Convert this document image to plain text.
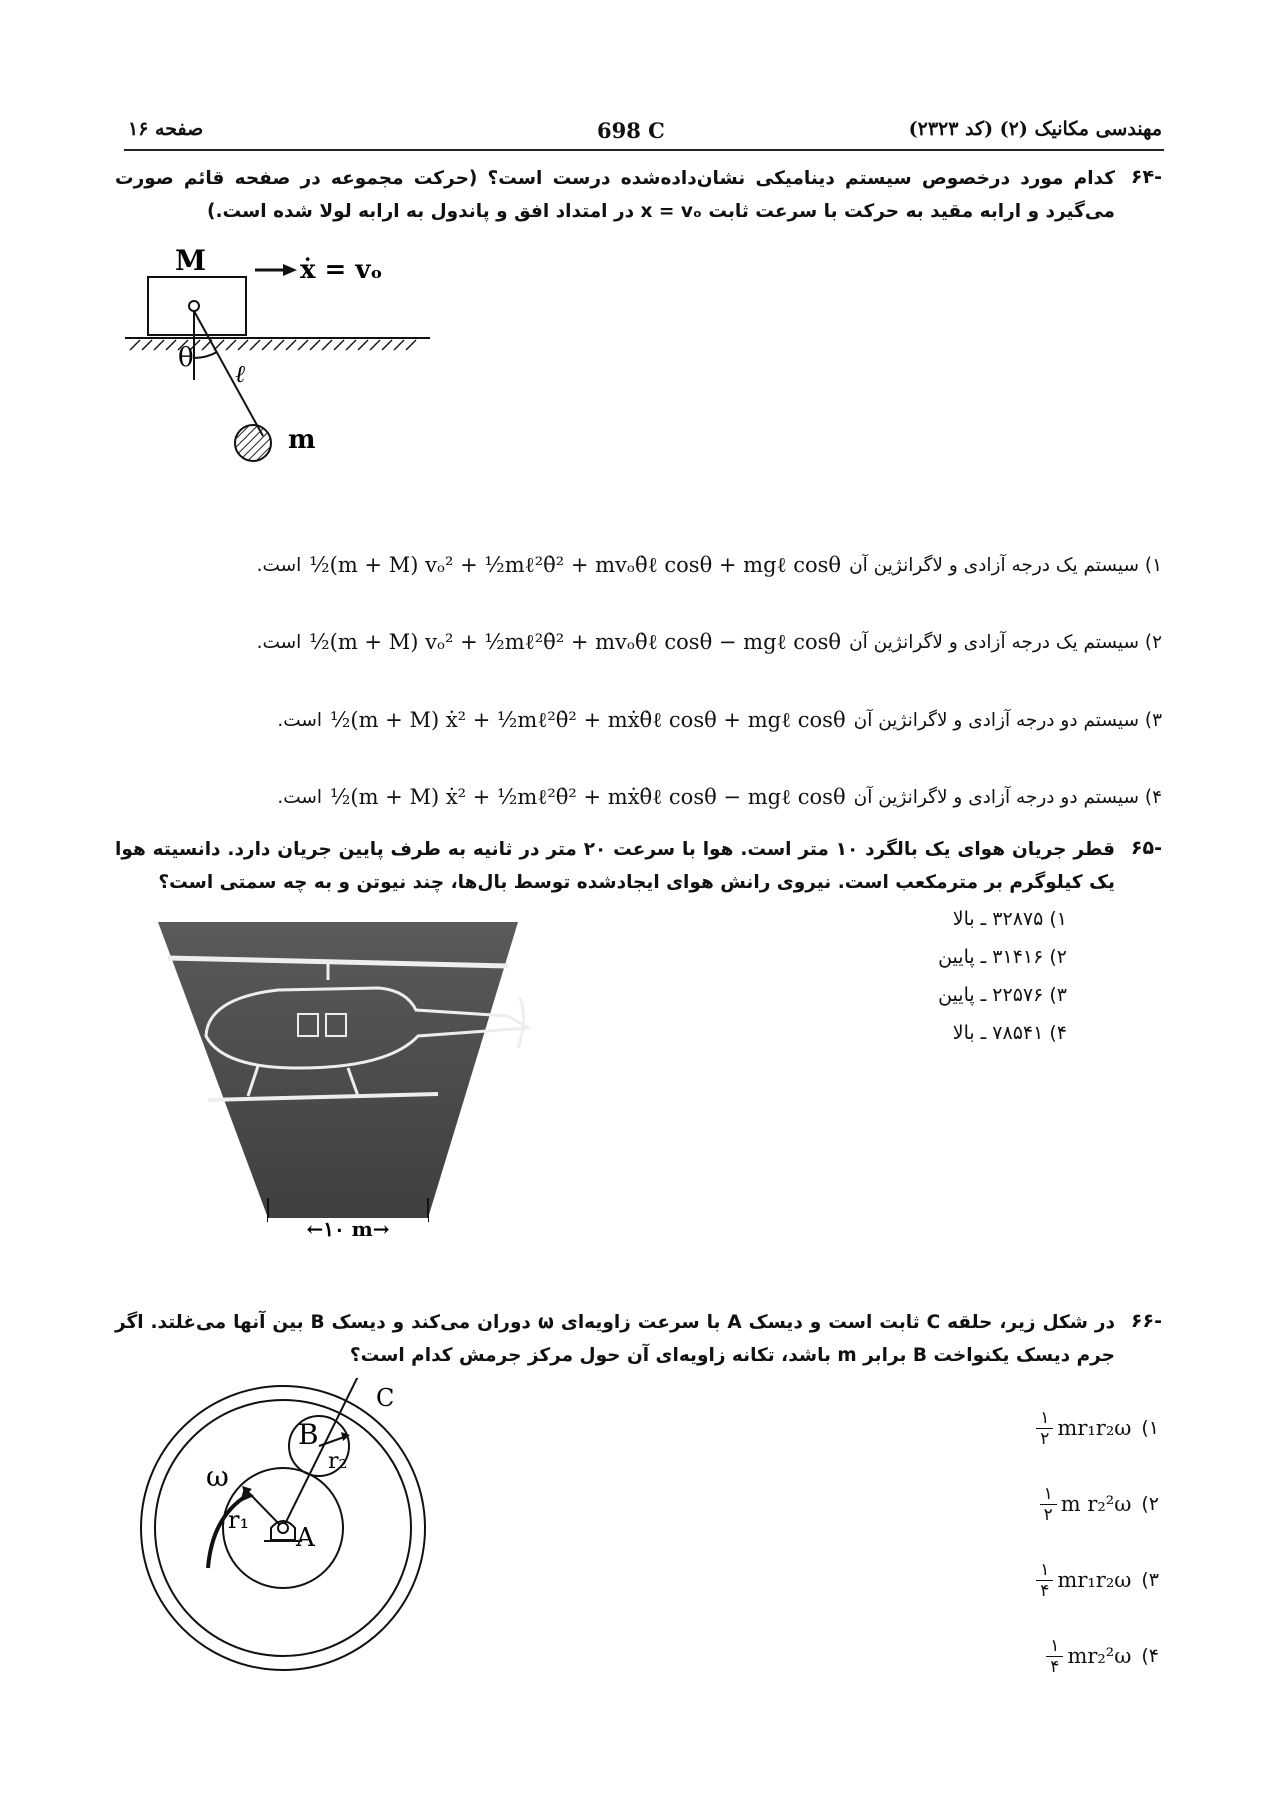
مهندسی مکانیک (۲) (کد ۲۳۲۳)
698 C
صفحه ۱۶
-۶۴
کدام مورد درخصوص سیستم دینامیکی نشان‌داده‌شده درست است؟ (حرکت مجموعه در صفحه قائم صورت می‌گیرد و ارابه مقید به حرکت با سرعت ثابت x = vₒ در امتداد افق و پاندول به ارابه لولا شده است.)
M
θ
ℓ
m
ẋ = vₒ
۱) سیستم یک درجه آزادی و لاگرانژین آن
½(m + M) vₒ² + ½mℓ²θ̇² + mvₒθ̇ℓ cosθ + mgℓ cosθ
است.
۲) سیستم یک درجه آزادی و لاگرانژین آن
½(m + M) vₒ² + ½mℓ²θ̇² + mvₒθ̇ℓ cosθ − mgℓ cosθ
است.
۳) سیستم دو درجه آزادی و لاگرانژین آن
½(m + M) ẋ² + ½mℓ²θ̇² + mẋθ̇ℓ cosθ + mgℓ cosθ
است.
۴) سیستم دو درجه آزادی و لاگرانژین آن
½(m + M) ẋ² + ½mℓ²θ̇² + mẋθ̇ℓ cosθ − mgℓ cosθ
است.
-۶۵
قطر جریان هوای یک بالگرد ۱۰ متر است. هوا با سرعت ۲۰ متر در ثانیه به طرف پایین جریان دارد. دانسیته هوا یک کیلوگرم بر مترمکعب است. نیروی رانش هوای ایجادشده توسط بال‌ها، چند نیوتن و به چه سمتی است؟
←۱۰ m→
۱) ۳۲۸۷۵ ـ بالا
۲) ۳۱۴۱۶ ـ پایین
۳) ۲۲۵۷۶ ـ پایین
۴) ۷۸۵۴۱ ـ بالا
-۶۶
در شکل زیر، حلقه C ثابت است و دیسک A با سرعت زاویه‌ای ω دوران می‌کند و دیسک B بین آنها می‌غلتد. اگر جرم دیسک یکنواخت B برابر m باشد، تکانه زاویه‌ای آن حول مرکز جرمش کدام است؟
C
B
r₂
ω
r₁
A
۱)
۱
۲ mr₁r₂ω
۲)
۱
۲ m r₂²ω
۳)
۱
۴ mr₁r₂ω
۴)
۱
۴ mr₂²ω
